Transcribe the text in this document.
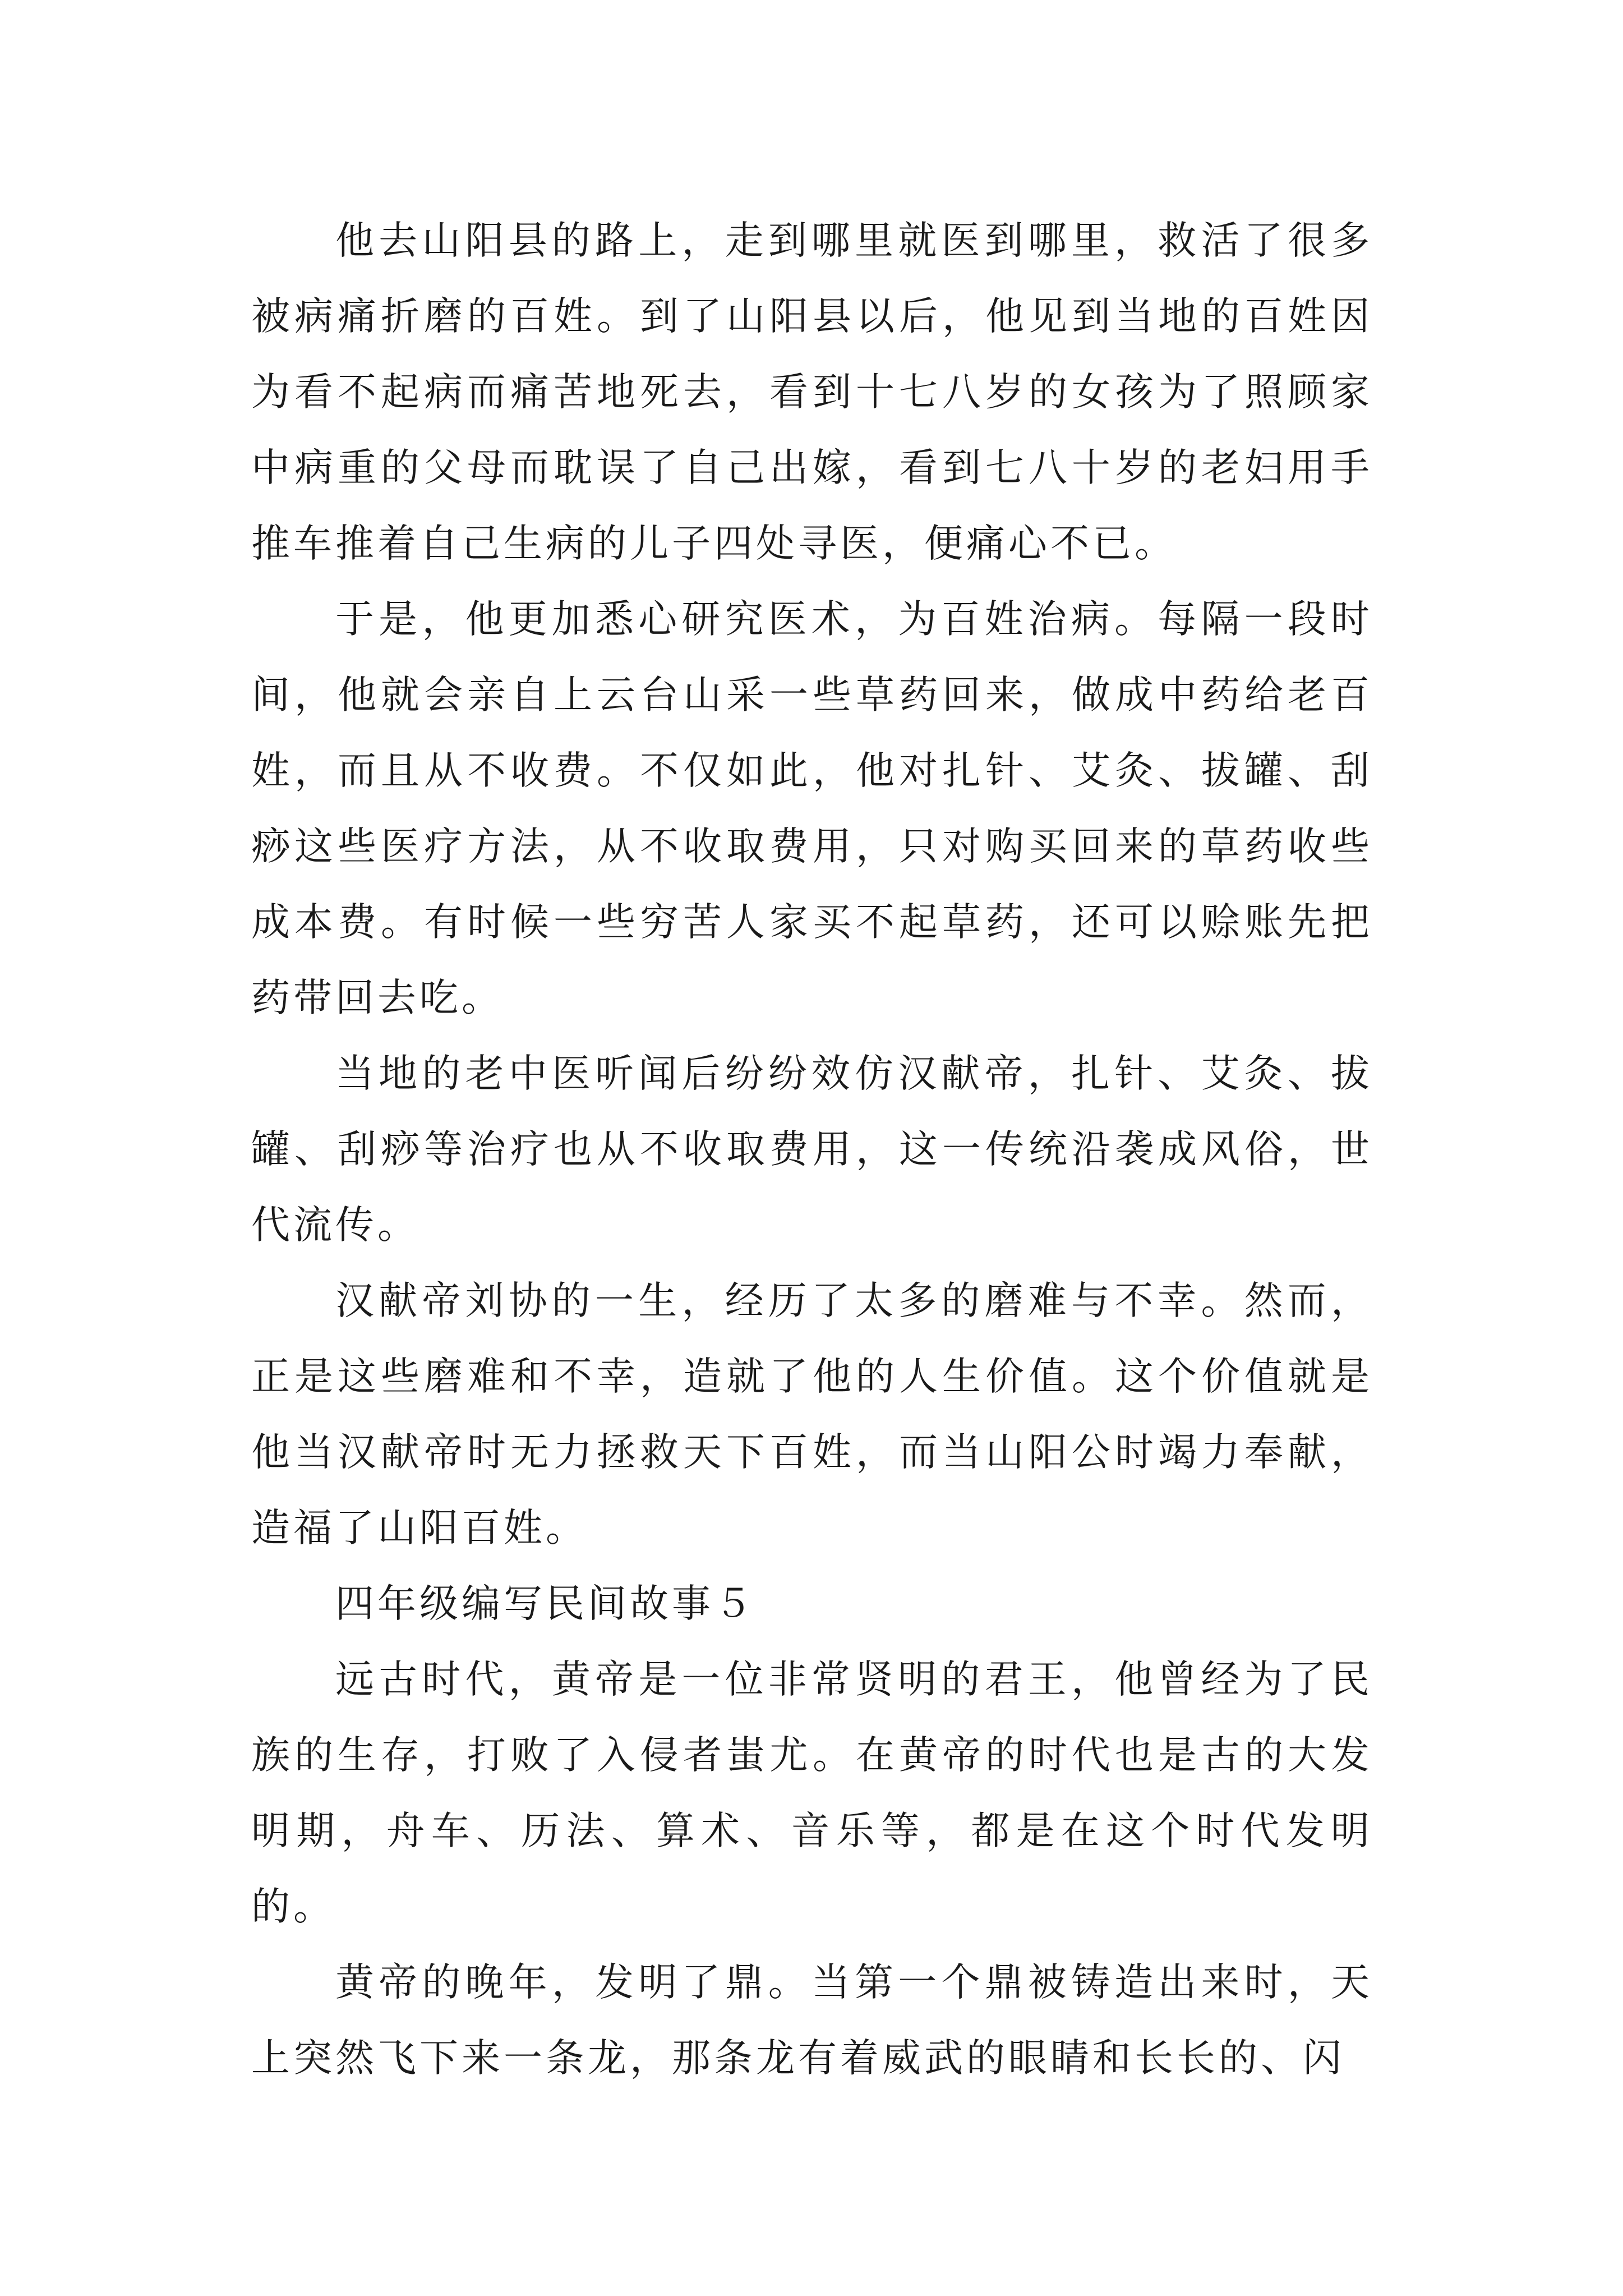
他去山阳县的路上，走到哪里就医到哪里，救活了很多被病痛折磨的百姓。到了山阳县以后，他见到当地的百姓因为看不起病而痛苦地死去，看到十七八岁的女孩为了照顾家中病重的父母而耽误了自己出嫁，看到七八十岁的老妇用手推车推着自己生病的儿子四处寻医，便痛心不已。

于是，他更加悉心研究医术，为百姓治病。每隔一段时间，他就会亲自上云台山采一些草药回来，做成中药给老百姓，而且从不收费。不仅如此，他对扎针、艾灸、拔罐、刮痧这些医疗方法，从不收取费用，只对购买回来的草药收些成本费。有时候一些穷苦人家买不起草药，还可以赊账先把药带回去吃。

当地的老中医听闻后纷纷效仿汉献帝，扎针、艾灸、拔罐、刮痧等治疗也从不收取费用，这一传统沿袭成风俗，世代流传。

汉献帝刘协的一生，经历了太多的磨难与不幸。然而，正是这些磨难和不幸，造就了他的人生价值。这个价值就是他当汉献帝时无力拯救天下百姓，而当山阳公时竭力奉献，造福了山阳百姓。

四年级编写民间故事５

远古时代，黄帝是一位非常贤明的君王，他曾经为了民族的生存，打败了入侵者蚩尤。在黄帝的时代也是古的大发明期，舟车、历法、算术、音乐等，都是在这个时代发明的。

黄帝的晚年，发明了鼎。当第一个鼎被铸造出来时，天上突然飞下来一条龙，那条龙有着威武的眼睛和长长的、闪
